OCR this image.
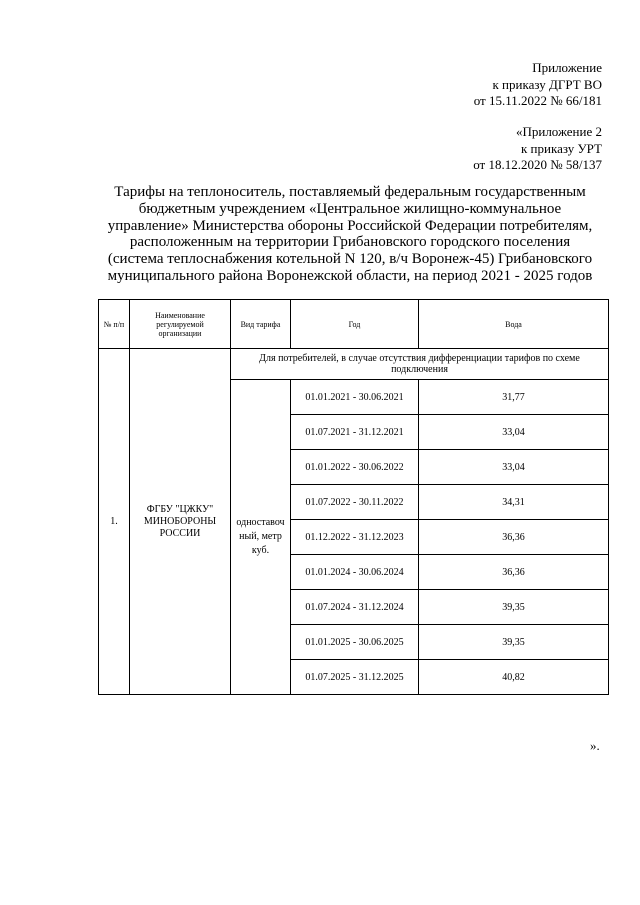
Приложение
к приказу ДГРТ ВО
от 15.11.2022 № 66/181
«Приложение 2
к приказу УРТ
от 18.12.2020 № 58/137
Тарифы на теплоноситель, поставляемый федеральным государственным
бюджетным учреждением «Центральное жилищно-коммунальное
управление» Министерства обороны Российской Федерации потребителям,
расположенным на территории Грибановского городского поселения
(система теплоснабжения котельной N 120, в/ч Воронеж-45) Грибановского
муниципального района Воронежской области, на период 2021 - 2025 годов
№ п/п	Наименование регулируемой организации	Вид тарифа	Год	Вода
1.	ФГБУ "ЦЖКУ" МИНОБОРОНЫ РОССИИ	Для потребителей, в случае отсутствия дифференциации тарифов по схеме подключения		
		одноставоч ный, метр куб.	01.01.2021 - 30.06.2021	31,77
			01.07.2021 - 31.12.2021	33,04
			01.01.2022 - 30.06.2022	33,04
			01.07.2022 - 30.11.2022	34,31
			01.12.2022 - 31.12.2023	36,36
			01.01.2024 - 30.06.2024	36,36
			01.07.2024 - 31.12.2024	39,35
			01.01.2025 - 30.06.2025	39,35
			01.07.2025 - 31.12.2025	40,82
».
